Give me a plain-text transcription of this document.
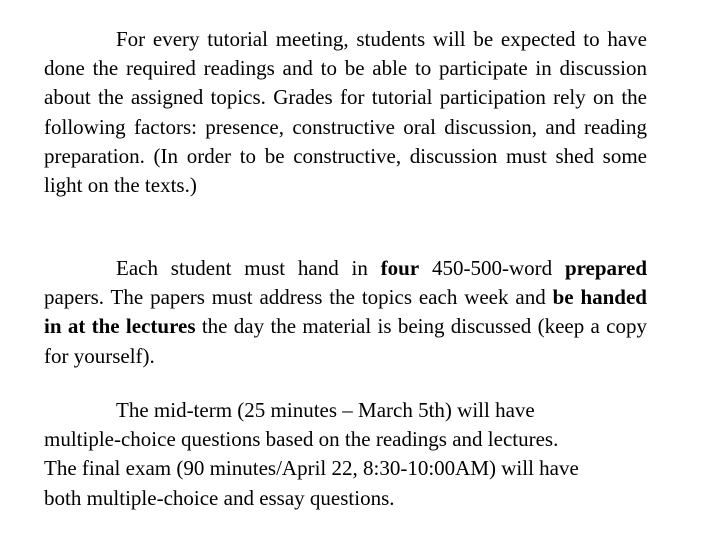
For every tutorial meeting, students will be expected to have done the required readings and to be able to participate in discussion about the assigned topics. Grades for tutorial participation rely on the following factors: presence, constructive oral discussion, and reading preparation. (In order to be constructive, discussion must shed some light on the texts.)

Each student must hand in four 450-500-word prepared papers. The papers must address the topics each week and be handed in at the lectures the day the material is being discussed (keep a copy for yourself).

The mid-term (25 minutes – March 5th) will have
multiple-choice questions based on the readings and lectures.
The final exam (90 minutes/April 22, 8:30-10:00AM) will have
both multiple-choice and essay questions.
